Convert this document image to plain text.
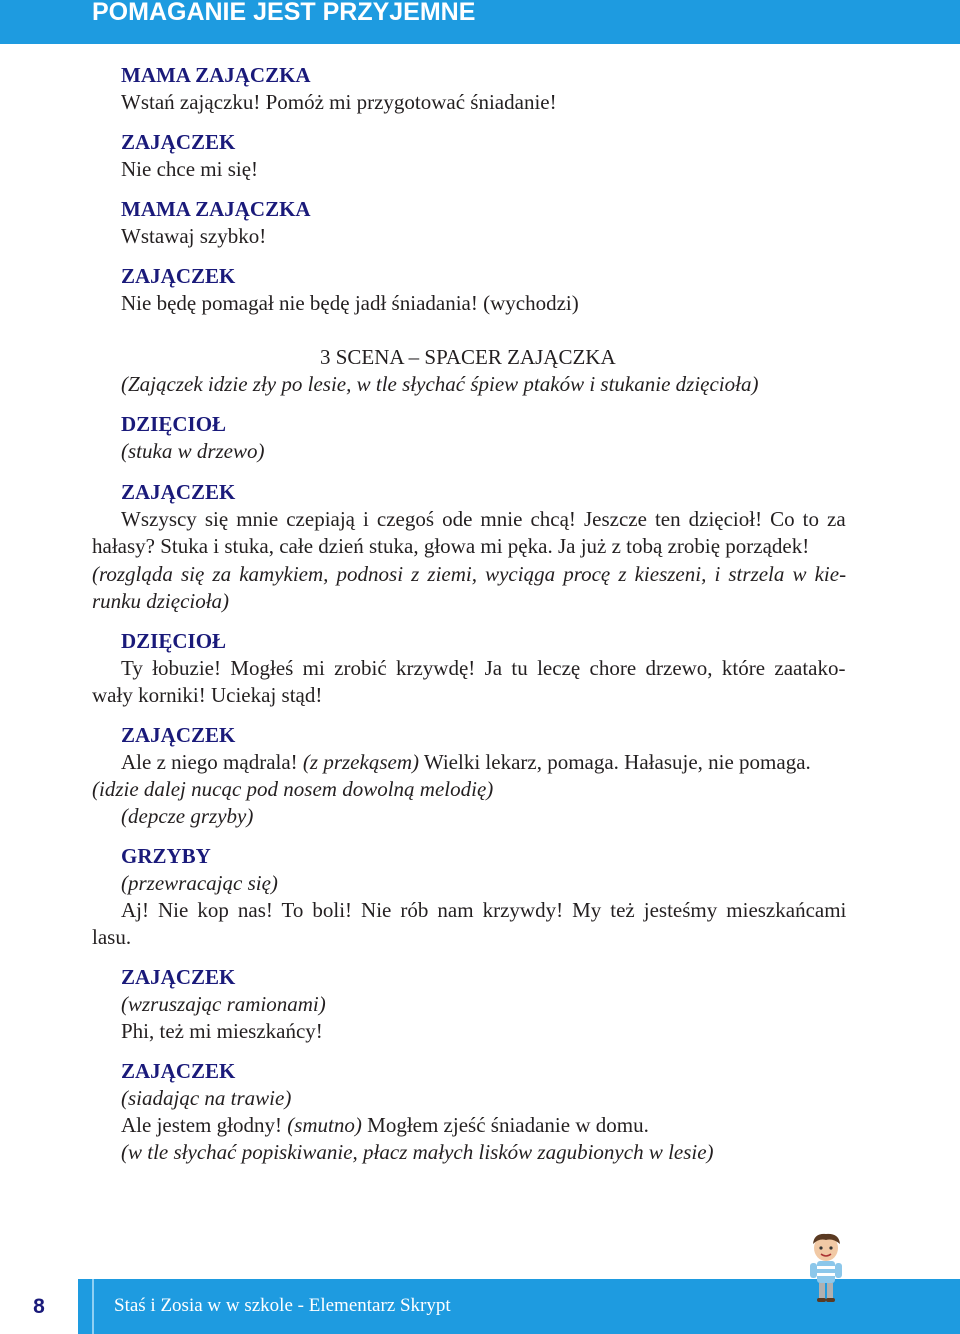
POMAGANIE JEST PRZYJEMNE
MAMA ZAJĄCZKA
Wstań zajączku! Pomóż mi przygotować śniadanie!
ZAJĄCZEK
Nie chce mi się!
MAMA ZAJĄCZKA
Wstawaj szybko!
ZAJĄCZEK
Nie będę pomagał nie będę jadł śniadania! (wychodzi)
3 SCENA – SPACER ZAJĄCZKA
(Zajączek idzie zły po lesie, w tle słychać śpiew ptaków i stukanie dzięcioła)
DZIĘCIOŁ
(stuka w drzewo)
ZAJĄCZEK
Wszyscy się mnie czepiają i czegoś ode mnie chcą! Jeszcze ten dzięcioł! Co to za
hałasy? Stuka i stuka, całe dzień stuka, głowa mi pęka. Ja już z tobą zrobię porządek!
(rozgląda się za kamykiem, podnosi z ziemi, wyciąga procę z kieszeni, i strzela w kie-
runku dzięcioła)
DZIĘCIOŁ
Ty łobuzie! Mogłeś mi zrobić krzywdę! Ja tu leczę chore drzewo, które zaatako-
wały korniki! Uciekaj stąd!
ZAJĄCZEK
Ale z niego mądrala! (z przekąsem) Wielki lekarz, pomaga. Hałasuje, nie pomaga.
(idzie dalej nucąc pod nosem dowolną melodię)
(depcze grzyby)
GRZYBY
(przewracając się)
Aj! Nie kop nas! To boli! Nie rób nam krzywdy! My też jesteśmy mieszkańcami
lasu.
ZAJĄCZEK
(wzruszając ramionami)
Phi, też mi mieszkańcy!
ZAJĄCZEK
(siadając na trawie)
Ale jestem głodny! (smutno) Mogłem zjeść śniadanie w domu.
(w tle słychać popiskiwanie, płacz małych lisków zagubionych w lesie)
8	Staś i Zosia w w szkole - Elementarz Skrypt
